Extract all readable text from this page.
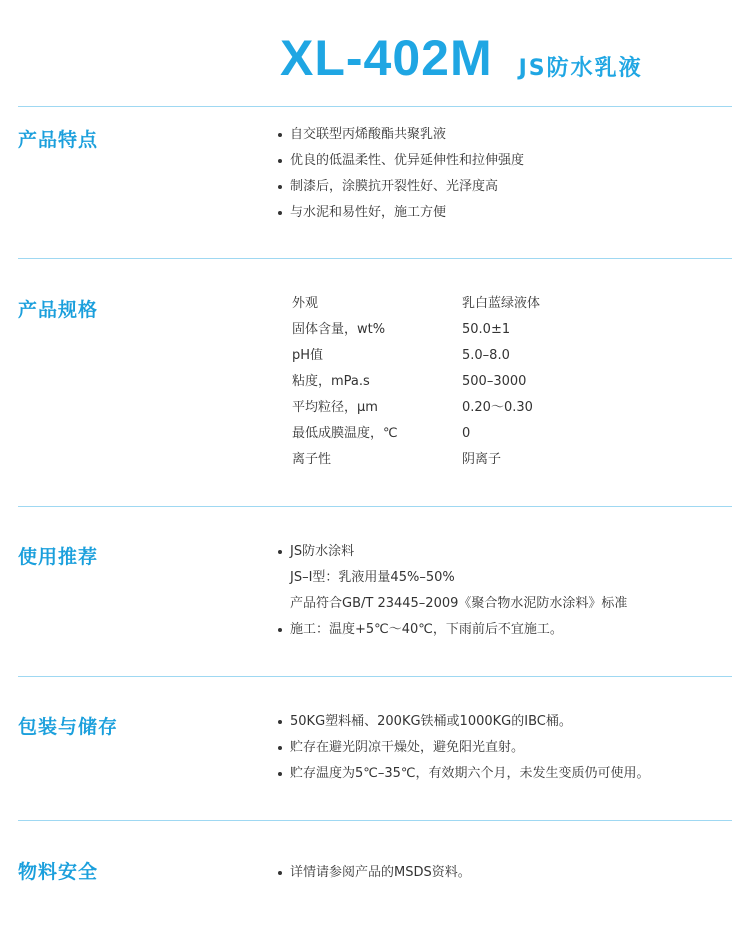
XL-402M JS防水乳液
产品特点	自交联型丙烯酸酯共聚乳液
优良的低温柔性、优异延伸性和拉伸强度
制漆后，涂膜抗开裂性好、光泽度高
与水泥和易性好，施工方便
产品规格	外观	乳白蓝绿液体
固体含量，wt%	50.0±1
pH值	5.0–8.0
粘度，mPa.s	500–3000
平均粒径，μm	0.20～0.30
最低成膜温度，℃	0
离子性	阴离子
使用推荐	JS防水涂料
JS–I型：乳液用量45%–50%
产品符合GB/T 23445–2009《聚合物水泥防水涂料》标准
施工：温度+5℃～40℃，下雨前后不宜施工。
包装与储存	50KG塑料桶、200KG铁桶或1000KG的IBC桶。
贮存在避光阴凉干燥处，避免阳光直射。
贮存温度为5℃–35℃，有效期六个月，未发生变质仍可使用。
物料安全	详情请参阅产品的MSDS资料。
